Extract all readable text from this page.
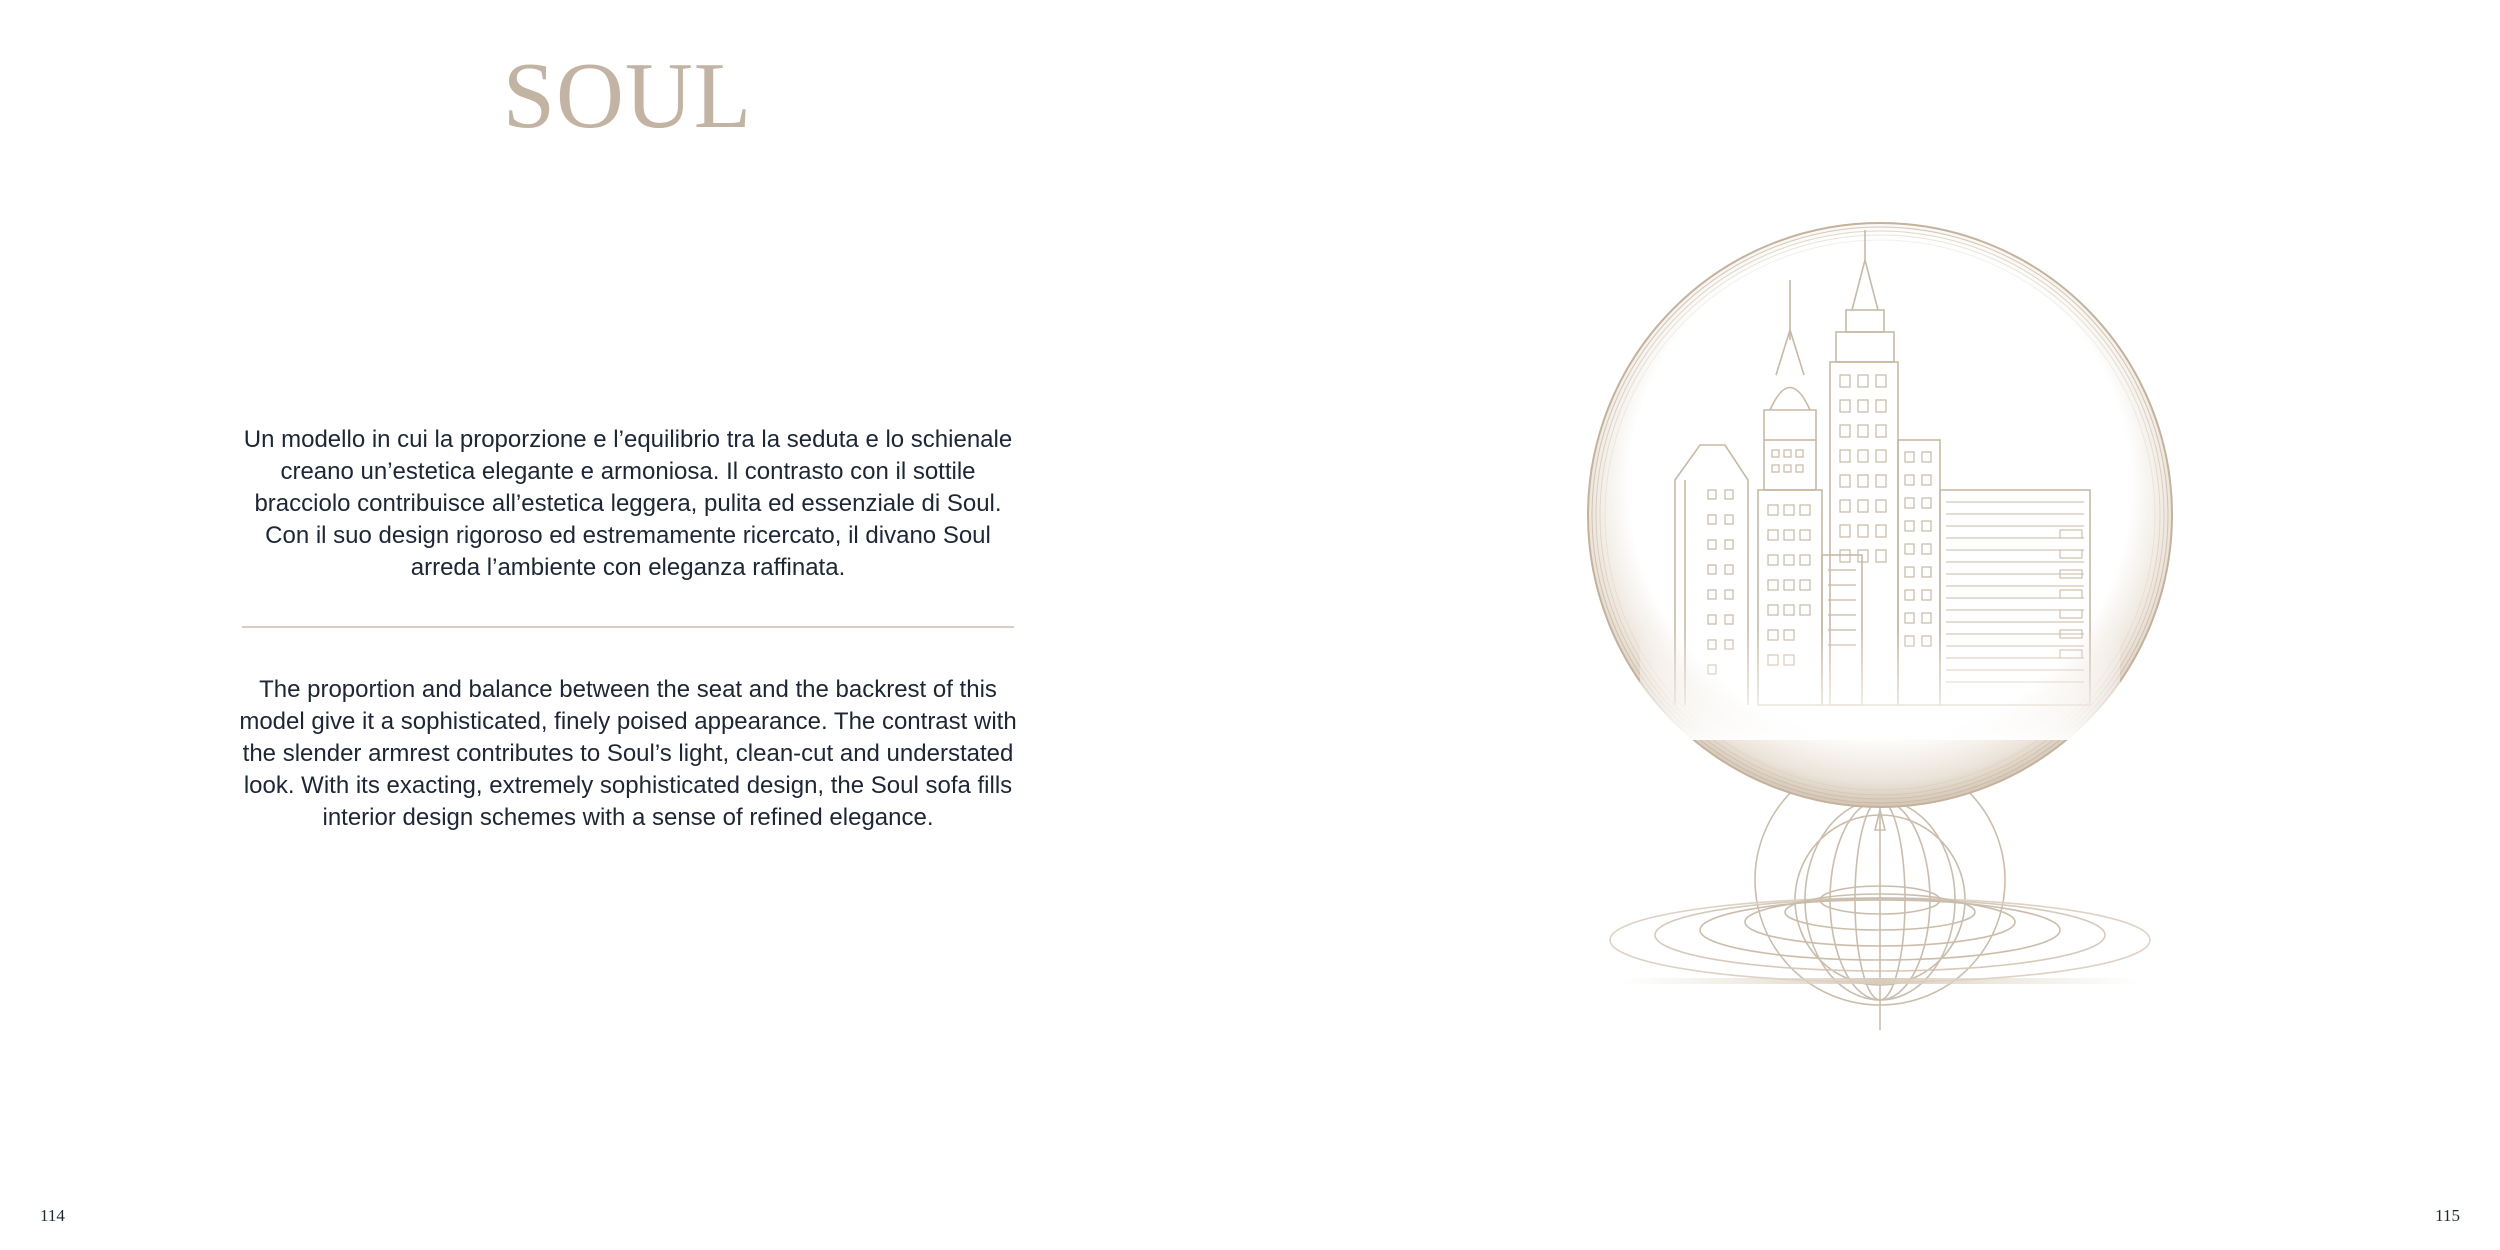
SOUL
Un modello in cui la proporzione e l’equilibrio tra la seduta e lo schienale creano un’estetica elegante e armoniosa. Il contrasto con il sottile bracciolo contribuisce all’estetica leggera, pulita ed essenziale di Soul. Con il suo design rigoroso ed estremamente ricercato, il divano Soul arreda l’ambiente con eleganza raffinata.
The proportion and balance between the seat and the backrest of this model give it a sophisticated, finely poised appearance. The contrast with the slender armrest contributes to Soul’s light, clean-cut and understated look. With its exacting, extremely sophisticated design, the Soul sofa fills interior design schemes with a sense of refined elegance.
114	115
